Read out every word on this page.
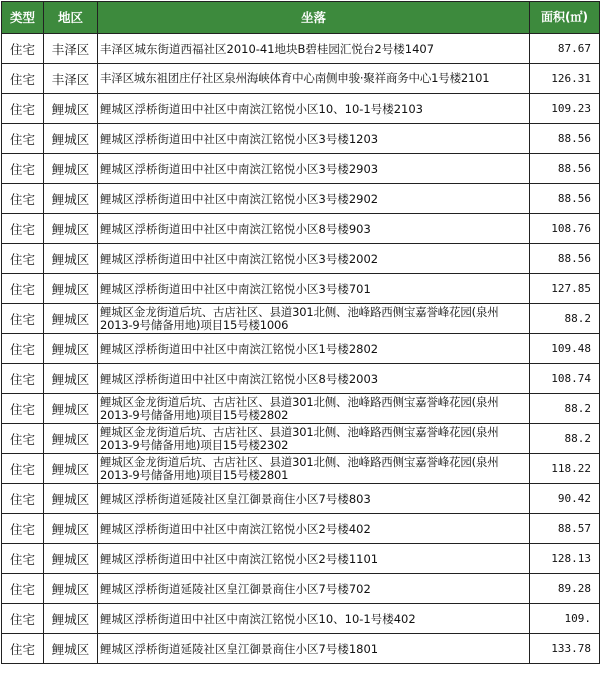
类型	地区	坐落	面积(㎡)
住宅	丰泽区	丰泽区城东街道西福社区2010-41地块B碧桂园汇悦台2号楼1407	87.67
住宅	丰泽区	丰泽区城东祖团庄仔社区泉州海峡体育中心南侧申骏·聚祥商务中心1号楼2101	126.31
住宅	鲤城区	鲤城区浮桥街道田中社区中南滨江铭悦小区10、10-1号楼2103	109.23
住宅	鲤城区	鲤城区浮桥街道田中社区中南滨江铭悦小区3号楼1203	88.56
住宅	鲤城区	鲤城区浮桥街道田中社区中南滨江铭悦小区3号楼2903	88.56
住宅	鲤城区	鲤城区浮桥街道田中社区中南滨江铭悦小区3号楼2902	88.56
住宅	鲤城区	鲤城区浮桥街道田中社区中南滨江铭悦小区8号楼903	108.76
住宅	鲤城区	鲤城区浮桥街道田中社区中南滨江铭悦小区3号楼2002	88.56
住宅	鲤城区	鲤城区浮桥街道田中社区中南滨江铭悦小区3号楼701	127.85
住宅	鲤城区	鲤城区金龙街道后坑、古店社区、县道301北侧、池峰路西侧宝嘉誉峰花园(泉州2013-9号储备用地)项目15号楼1006	88.2
住宅	鲤城区	鲤城区浮桥街道田中社区中南滨江铭悦小区1号楼2802	109.48
住宅	鲤城区	鲤城区浮桥街道田中社区中南滨江铭悦小区8号楼2003	108.74
住宅	鲤城区	鲤城区金龙街道后坑、古店社区、县道301北侧、池峰路西侧宝嘉誉峰花园(泉州2013-9号储备用地)项目15号楼2802	88.2
住宅	鲤城区	鲤城区金龙街道后坑、古店社区、县道301北侧、池峰路西侧宝嘉誉峰花园(泉州2013-9号储备用地)项目15号楼2302	88.2
住宅	鲤城区	鲤城区金龙街道后坑、古店社区、县道301北侧、池峰路西侧宝嘉誉峰花园(泉州2013-9号储备用地)项目15号楼2801	118.22
住宅	鲤城区	鲤城区浮桥街道延陵社区皇江御景商住小区7号楼803	90.42
住宅	鲤城区	鲤城区浮桥街道田中社区中南滨江铭悦小区2号楼402	88.57
住宅	鲤城区	鲤城区浮桥街道田中社区中南滨江铭悦小区2号楼1101	128.13
住宅	鲤城区	鲤城区浮桥街道延陵社区皇江御景商住小区7号楼702	89.28
住宅	鲤城区	鲤城区浮桥街道田中社区中南滨江铭悦小区10、10-1号楼402	109.
住宅	鲤城区	鲤城区浮桥街道延陵社区皇江御景商住小区7号楼1801	133.78
